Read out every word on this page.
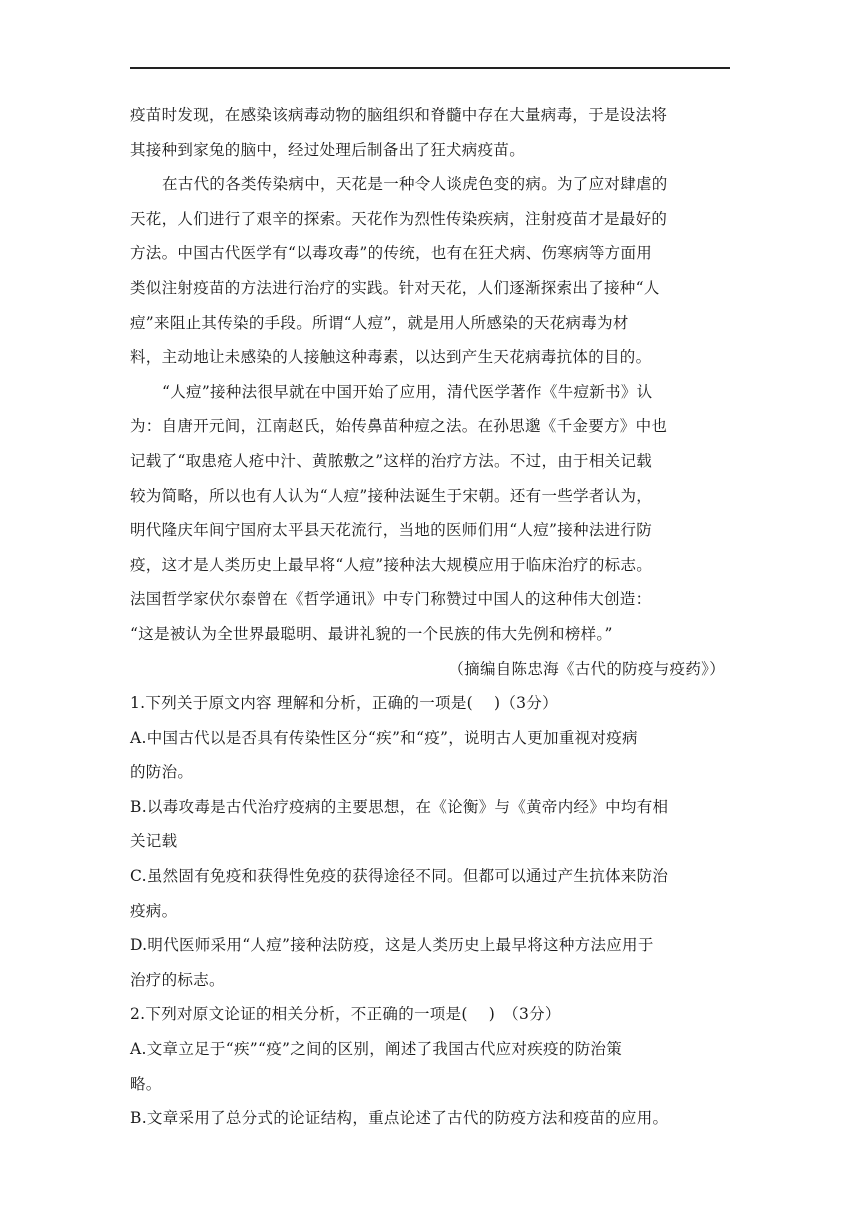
疫苗时发现，在感染该病毒动物的脑组织和脊髓中存在大量病毒，于是设法将
其接种到家兔的脑中，经过处理后制备出了狂犬病疫苗。
在古代的各类传染病中，天花是一种令人谈虎色变的病。为了应对肆虐的
天花，人们进行了艰辛的探索。天花作为烈性传染疾病，注射疫苗才是最好的
方法。中国古代医学有“以毒攻毒”的传统，也有在狂犬病、伤寒病等方面用
类似注射疫苗的方法进行治疗的实践。针对天花，人们逐渐探索出了接种“人
痘”来阻止其传染的手段。所谓“人痘”，就是用人所感染的天花病毒为材
料，主动地让未感染的人接触这种毒素，以达到产生天花病毒抗体的目的。
“人痘”接种法很早就在中国开始了应用，清代医学著作《牛痘新书》认
为：自唐开元间，江南赵氏，始传鼻苗种痘之法。在孙思邈《千金要方》中也
记载了“取患疮人疮中汁、黄脓敷之”这样的治疗方法。不过，由于相关记载
较为简略，所以也有人认为“人痘”接种法诞生于宋朝。还有一些学者认为，
明代隆庆年间宁国府太平县天花流行，当地的医师们用“人痘”接种法进行防
疫，这才是人类历史上最早将“人痘”接种法大规模应用于临床治疗的标志。
法国哲学家伏尔泰曾在《哲学通讯》中专门称赞过中国人的这种伟大创造：
“这是被认为全世界最聪明、最讲礼貌的一个民族的伟大先例和榜样。”
（摘编自陈忠海《古代的防疫与疫药》）
1.下列关于原文内容 理解和分析，正确的一项是(　 )（3分）
A.中国古代以是否具有传染性区分“疾”和“疫”，说明古人更加重视对疫病
的防治。
B.以毒攻毒是古代治疗疫病的主要思想，在《论衡》与《黄帝内经》中均有相
关记载
C.虽然固有免疫和获得性免疫的获得途径不同。但都可以通过产生抗体来防治
疫病。
D.明代医师采用“人痘”接种法防疫，这是人类历史上最早将这种方法应用于
治疗的标志。
2.下列对原文论证的相关分析，不正确的一项是(　 )　（3分）
A.文章立足于“疾”“疫”之间的区别，阐述了我国古代应对疾疫的防治策
略。
B.文章采用了总分式的论证结构，重点论述了古代的防疫方法和疫苗的应用。
